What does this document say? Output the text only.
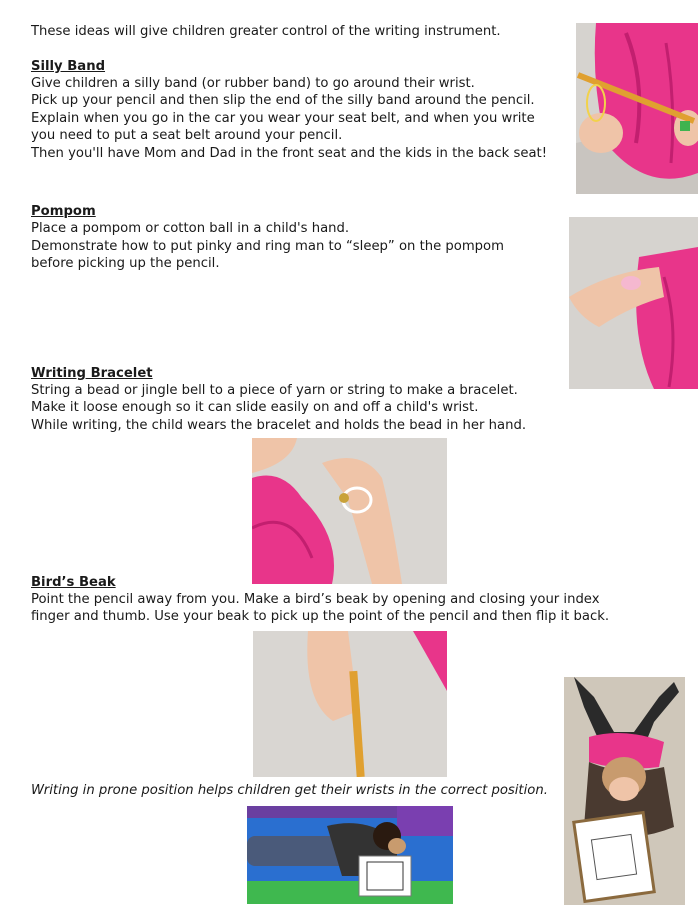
These ideas will give children greater control of the writing instrument.
Silly Band
Give children a silly band (or rubber band) to go around their wrist.
Pick up your pencil and then slip the end of the silly band around the pencil.
Explain when you go in the car you wear your seat belt, and when you write
you need to put a seat belt around your pencil.
Then you'll have Mom and Dad in the front seat and the kids in the back seat!
Pompom
Place a pompom or cotton ball in a child's hand.
Demonstrate how to put pinky and ring man to “sleep” on the pompom
before picking up the pencil.
Writing Bracelet
String a bead or jingle bell to a piece of yarn or string to make a bracelet.
Make it loose enough so it can slide easily on and off a child's wrist.
While writing, the child wears the bracelet and holds the bead in her hand.
Bird’s Beak
Point the pencil away from you. Make a bird’s beak by opening and closing your index
finger and thumb. Use your beak to pick up the point of the pencil and then flip it back.
Writing in prone position helps children get their wrists in the correct position.
